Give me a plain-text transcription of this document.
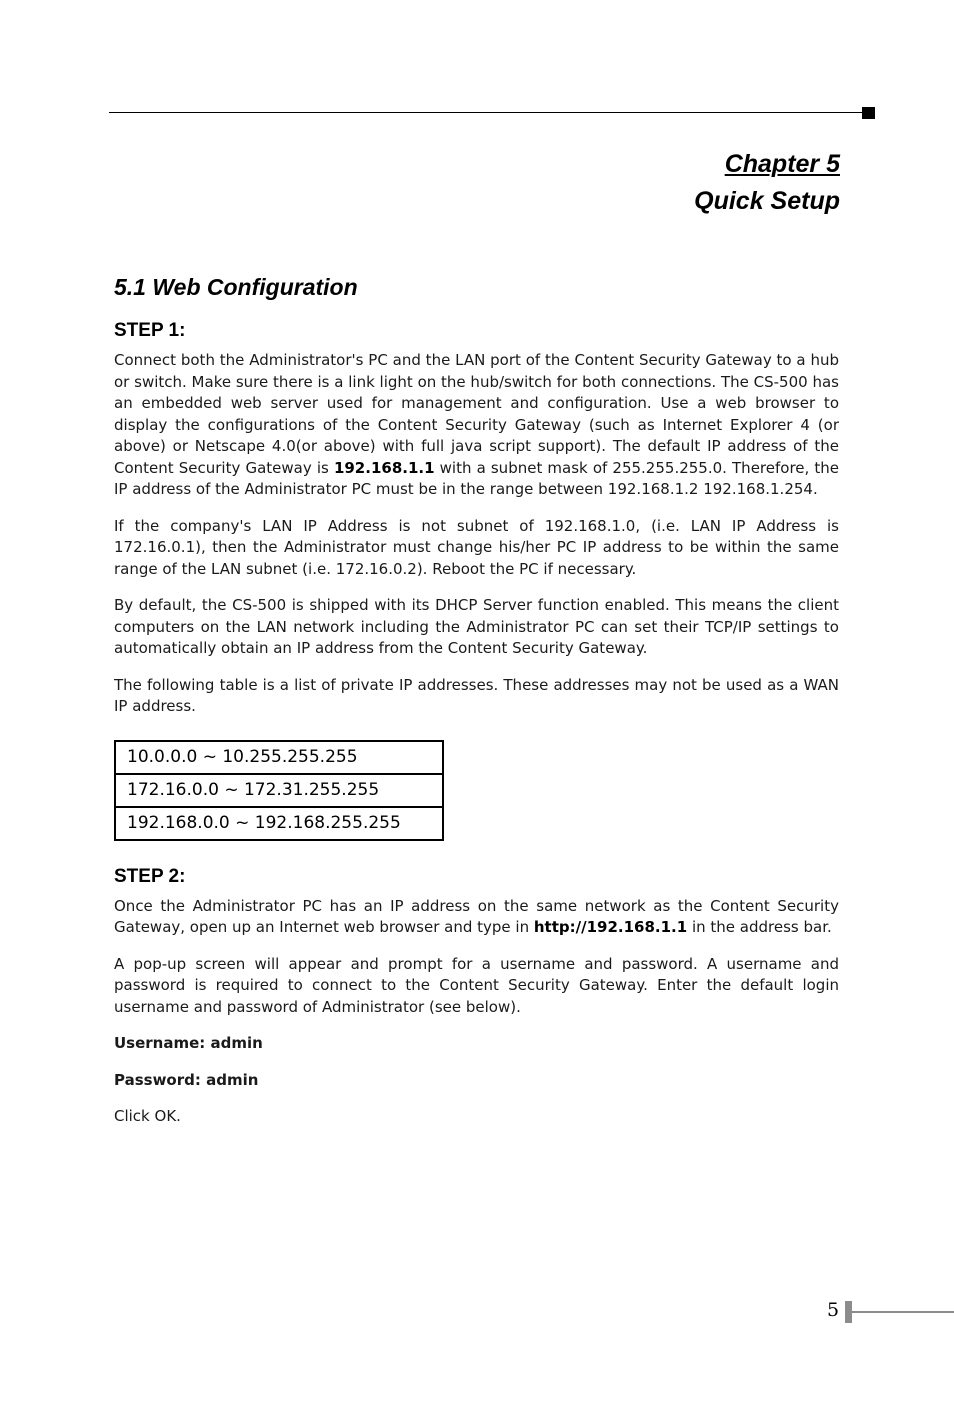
Chapter 5
Quick Setup
5.1 Web Configuration
STEP 1:

Connect both the Administrator's PC and the LAN port of the Content Security Gateway to a hub or switch. Make sure there is a link light on the hub/switch for both connections. The CS-500 has an embedded web server used for management and configuration. Use a web browser to display the configurations of the Content Security Gateway (such as Internet Explorer 4 (or above) or Netscape 4.0(or above) with full java script support). The default IP address of the Content Security Gateway is 192.168.1.1 with a subnet mask of 255.255.255.0. Therefore, the IP address of the Administrator PC must be in the range between 192.168.1.2 192.168.1.254.

If the company's LAN IP Address is not subnet of 192.168.1.0, (i.e. LAN IP Address is 172.16.0.1), then the Administrator must change his/her PC IP address to be within the same range of the LAN subnet (i.e. 172.16.0.2). Reboot the PC if necessary.

By default, the CS-500 is shipped with its DHCP Server function enabled. This means the client computers on the LAN network including the Administrator PC can set their TCP/IP settings to automatically obtain an IP address from the Content Security Gateway.

The following table is a list of private IP addresses. These addresses may not be used as a WAN IP address.

10.0.0.0 ~ 10.255.255.255
172.16.0.0 ~ 172.31.255.255
192.168.0.0 ~ 192.168.255.255
STEP 2:

Once the Administrator PC has an IP address on the same network as the Content Security Gateway, open up an Internet web browser and type in http://192.168.1.1 in the address bar.

A pop-up screen will appear and prompt for a username and password. A username and password is required to connect to the Content Security Gateway. Enter the default login username and password of Administrator (see below).

Username: admin

Password: admin

Click OK.

5
